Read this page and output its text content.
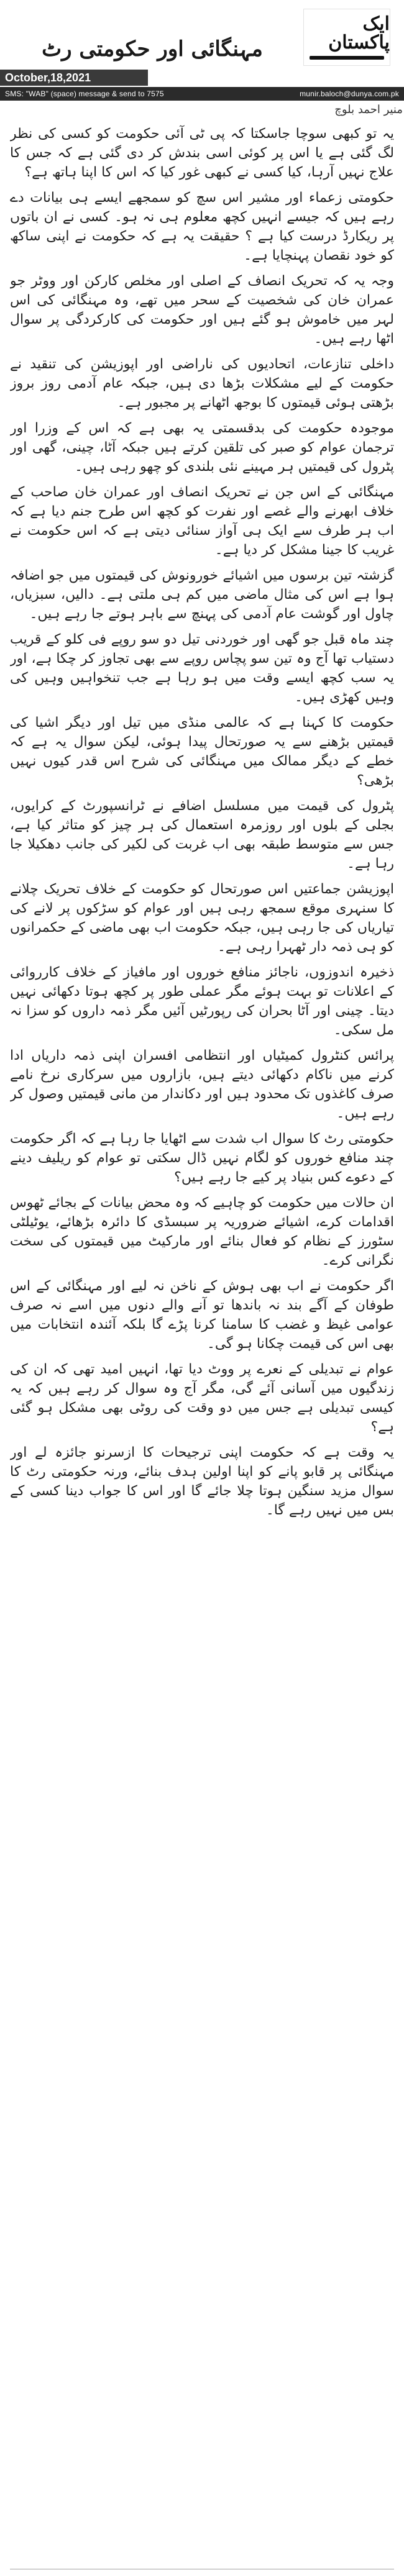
ایک پاکستان
مہنگائی اور حکومتی رٹ
October,18,2021
SMS: "WAB" (space) message & send to 7575	munir.baloch@dunya.com.pk
منیر احمد بلوچ

یہ تو کبھی سوچا جاسکتا کہ پی ٹی آئی حکومت کو کسی کی نظر لگ گئی ہے یا اس پر کوئی اسی بندش کر دی گئی ہے کہ جس کا علاج نہیں آرہا، کیا کسی نے کبھی غور کیا کہ اس کا اپنا ہاتھ ہے؟

حکومتی زعماء اور مشیر اس سچ کو سمجھے ایسے ہی بیانات دے رہے ہیں کہ جیسے انہیں کچھ معلوم ہی نہ ہو۔ کسی نے ان باتوں پر ریکارڈ درست کیا ہے ؟ حقیقت یہ ہے کہ حکومت نے اپنی ساکھ کو خود نقصان پہنچایا ہے۔

وجہ یہ کہ تحریک انصاف کے اصلی اور مخلص کارکن اور ووٹر جو عمران خان کی شخصیت کے سحر میں تھے، وہ مہنگائی کی اس لہر میں خاموش ہو گئے ہیں اور حکومت کی کارکردگی پر سوال اٹھا رہے ہیں۔

داخلی تنازعات، اتحادیوں کی ناراضی اور اپوزیشن کی تنقید نے حکومت کے لیے مشکلات بڑھا دی ہیں، جبکہ عام آدمی روز بروز بڑھتی ہوئی قیمتوں کا بوجھ اٹھانے پر مجبور ہے۔

موجودہ حکومت کی بدقسمتی یہ بھی ہے کہ اس کے وزرا اور ترجمان عوام کو صبر کی تلقین کرتے ہیں جبکہ آٹا، چینی، گھی اور پٹرول کی قیمتیں ہر مہینے نئی بلندی کو چھو رہی ہیں۔

مہنگائی کے اس جن نے تحریک انصاف اور عمران خان صاحب کے خلاف ابھرنے والے غصے اور نفرت کو کچھ اس طرح جنم دیا ہے کہ اب ہر طرف سے ایک ہی آواز سنائی دیتی ہے کہ اس حکومت نے غریب کا جینا مشکل کر دیا ہے۔

گزشتہ تین برسوں میں اشیائے خورونوش کی قیمتوں میں جو اضافہ ہوا ہے اس کی مثال ماضی میں کم ہی ملتی ہے۔ دالیں، سبزیاں، چاول اور گوشت عام آدمی کی پہنچ سے باہر ہوتے جا رہے ہیں۔

چند ماہ قبل جو گھی اور خوردنی تیل دو سو روپے فی کلو کے قریب دستیاب تھا آج وہ تین سو پچاس روپے سے بھی تجاوز کر چکا ہے، اور یہ سب کچھ ایسے وقت میں ہو رہا ہے جب تنخواہیں وہیں کی وہیں کھڑی ہیں۔

حکومت کا کہنا ہے کہ عالمی منڈی میں تیل اور دیگر اشیا کی قیمتیں بڑھنے سے یہ صورتحال پیدا ہوئی، لیکن سوال یہ ہے کہ خطے کے دیگر ممالک میں مہنگائی کی شرح اس قدر کیوں نہیں بڑھی؟

پٹرول کی قیمت میں مسلسل اضافے نے ٹرانسپورٹ کے کرایوں، بجلی کے بلوں اور روزمرہ استعمال کی ہر چیز کو متاثر کیا ہے، جس سے متوسط طبقہ بھی اب غربت کی لکیر کی جانب دھکیلا جا رہا ہے۔

اپوزیشن جماعتیں اس صورتحال کو حکومت کے خلاف تحریک چلانے کا سنہری موقع سمجھ رہی ہیں اور عوام کو سڑکوں پر لانے کی تیاریاں کی جا رہی ہیں، جبکہ حکومت اب بھی ماضی کے حکمرانوں کو ہی ذمہ دار ٹھہرا رہی ہے۔

ذخیرہ اندوزوں، ناجائز منافع خوروں اور مافیاز کے خلاف کارروائی کے اعلانات تو بہت ہوئے مگر عملی طور پر کچھ ہوتا دکھائی نہیں دیتا۔ چینی اور آٹا بحران کی رپورٹیں آئیں مگر ذمہ داروں کو سزا نہ مل سکی۔

پرائس کنٹرول کمیٹیاں اور انتظامی افسران اپنی ذمہ داریاں ادا کرنے میں ناکام دکھائی دیتے ہیں، بازاروں میں سرکاری نرخ نامے صرف کاغذوں تک محدود ہیں اور دکاندار من مانی قیمتیں وصول کر رہے ہیں۔

حکومتی رٹ کا سوال اب شدت سے اٹھایا جا رہا ہے کہ اگر حکومت چند منافع خوروں کو لگام نہیں ڈال سکتی تو عوام کو ریلیف دینے کے دعوے کس بنیاد پر کیے جا رہے ہیں؟

ان حالات میں حکومت کو چاہیے کہ وہ محض بیانات کے بجائے ٹھوس اقدامات کرے، اشیائے ضروریہ پر سبسڈی کا دائرہ بڑھائے، یوٹیلٹی سٹورز کے نظام کو فعال بنائے اور مارکیٹ میں قیمتوں کی سخت نگرانی کرے۔

اگر حکومت نے اب بھی ہوش کے ناخن نہ لیے اور مہنگائی کے اس طوفان کے آگے بند نہ باندھا تو آنے والے دنوں میں اسے نہ صرف عوامی غیظ و غضب کا سامنا کرنا پڑے گا بلکہ آئندہ انتخابات میں بھی اس کی قیمت چکانا ہو گی۔

عوام نے تبدیلی کے نعرے پر ووٹ دیا تھا، انہیں امید تھی کہ ان کی زندگیوں میں آسانی آئے گی، مگر آج وہ سوال کر رہے ہیں کہ یہ کیسی تبدیلی ہے جس میں دو وقت کی روٹی بھی مشکل ہو گئی ہے؟

یہ وقت ہے کہ حکومت اپنی ترجیحات کا ازسرنو جائزہ لے اور مہنگائی پر قابو پانے کو اپنا اولین ہدف بنائے، ورنہ حکومتی رٹ کا سوال مزید سنگین ہوتا چلا جائے گا اور اس کا جواب دینا کسی کے بس میں نہیں رہے گا۔
